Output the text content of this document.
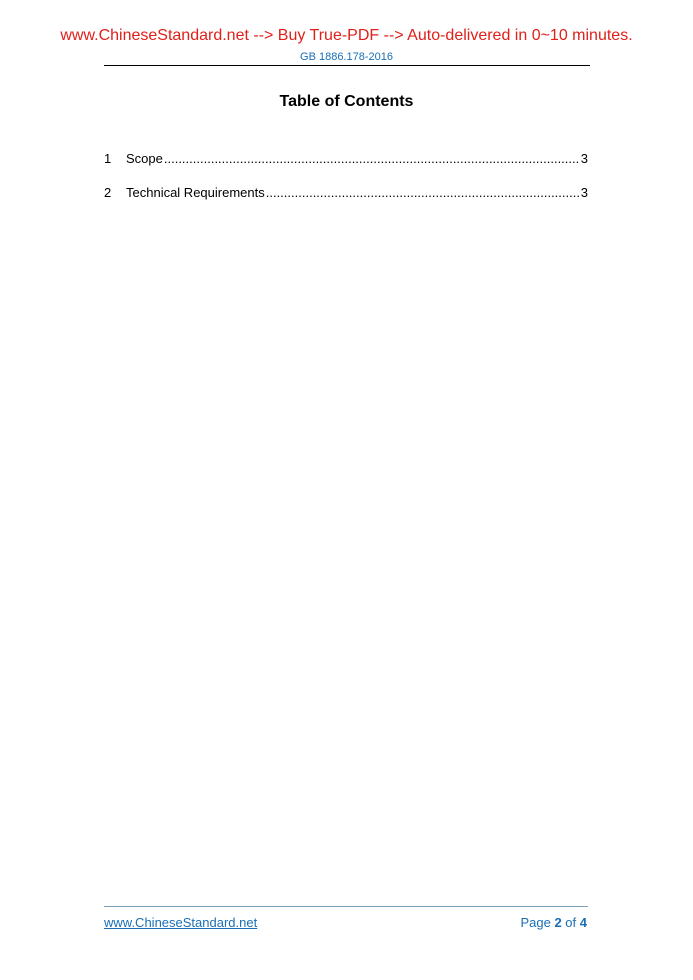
www.ChineseStandard.net --> Buy True-PDF --> Auto-delivered in 0~10 minutes.
GB 1886.178-2016
Table of Contents
1	Scope .....	3
2	Technical Requirements .....	3
www.ChineseStandard.net	Page 2 of 4
